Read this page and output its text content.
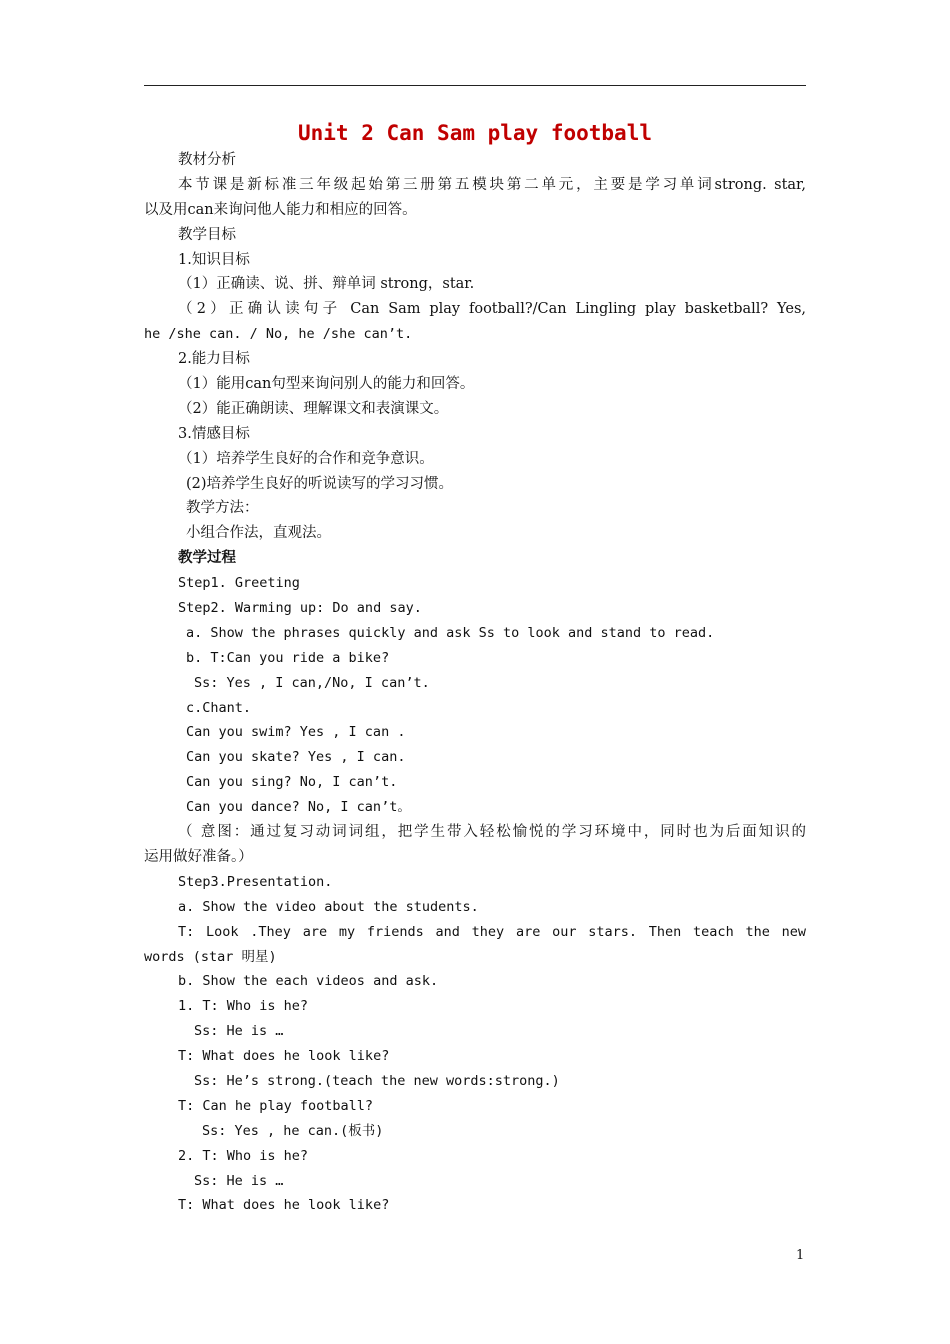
Unit 2 Can Sam play football
教材分析
本节课是新标准三年级起始第三册第五模块第二单元，主要是学习单词strong. star,
以及用can来询问他人能力和相应的回答。
教学目标
1.知识目标
（1）正确读、说、拼、辩单词 strong，star.
（2）正确认读句子 Can Sam play football?/Can Lingling play basketball? Yes,
he /she can. / No, he /she can’t.
2.能力目标
（1）能用can句型来询问别人的能力和回答。
（2）能正确朗读、理解课文和表演课文。
3.情感目标
（1）培养学生良好的合作和竞争意识。
(2)培养学生良好的听说读写的学习习惯。
教学方法：
小组合作法，直观法。
教学过程
Step1. Greeting
Step2. Warming up: Do and say.
a. Show the phrases quickly and ask Ss to look and stand to read.
b. T:Can you ride a bike?
Ss: Yes , I can,/No, I can’t.
c.Chant.
Can you swim? Yes , I can .
Can you skate? Yes , I can.
Can you sing? No, I can’t.
Can you dance? No, I can’t。
（ 意图：通过复习动词词组，把学生带入轻松愉悦的学习环境中，同时也为后面知识的
运用做好准备。）
Step3.Presentation.
a. Show the video about the students.
T: Look .They are my friends and they are our stars. Then teach the new
words (star 明星)
b. Show the each videos and ask.
1. T: Who is he?
Ss: He is …
T: What does he look like?
Ss: He’s strong.(teach the new words:strong.)
T: Can he play football?
Ss: Yes , he can.(板书)
2. T: Who is he?
Ss: He is …
T: What does he look like?
1
